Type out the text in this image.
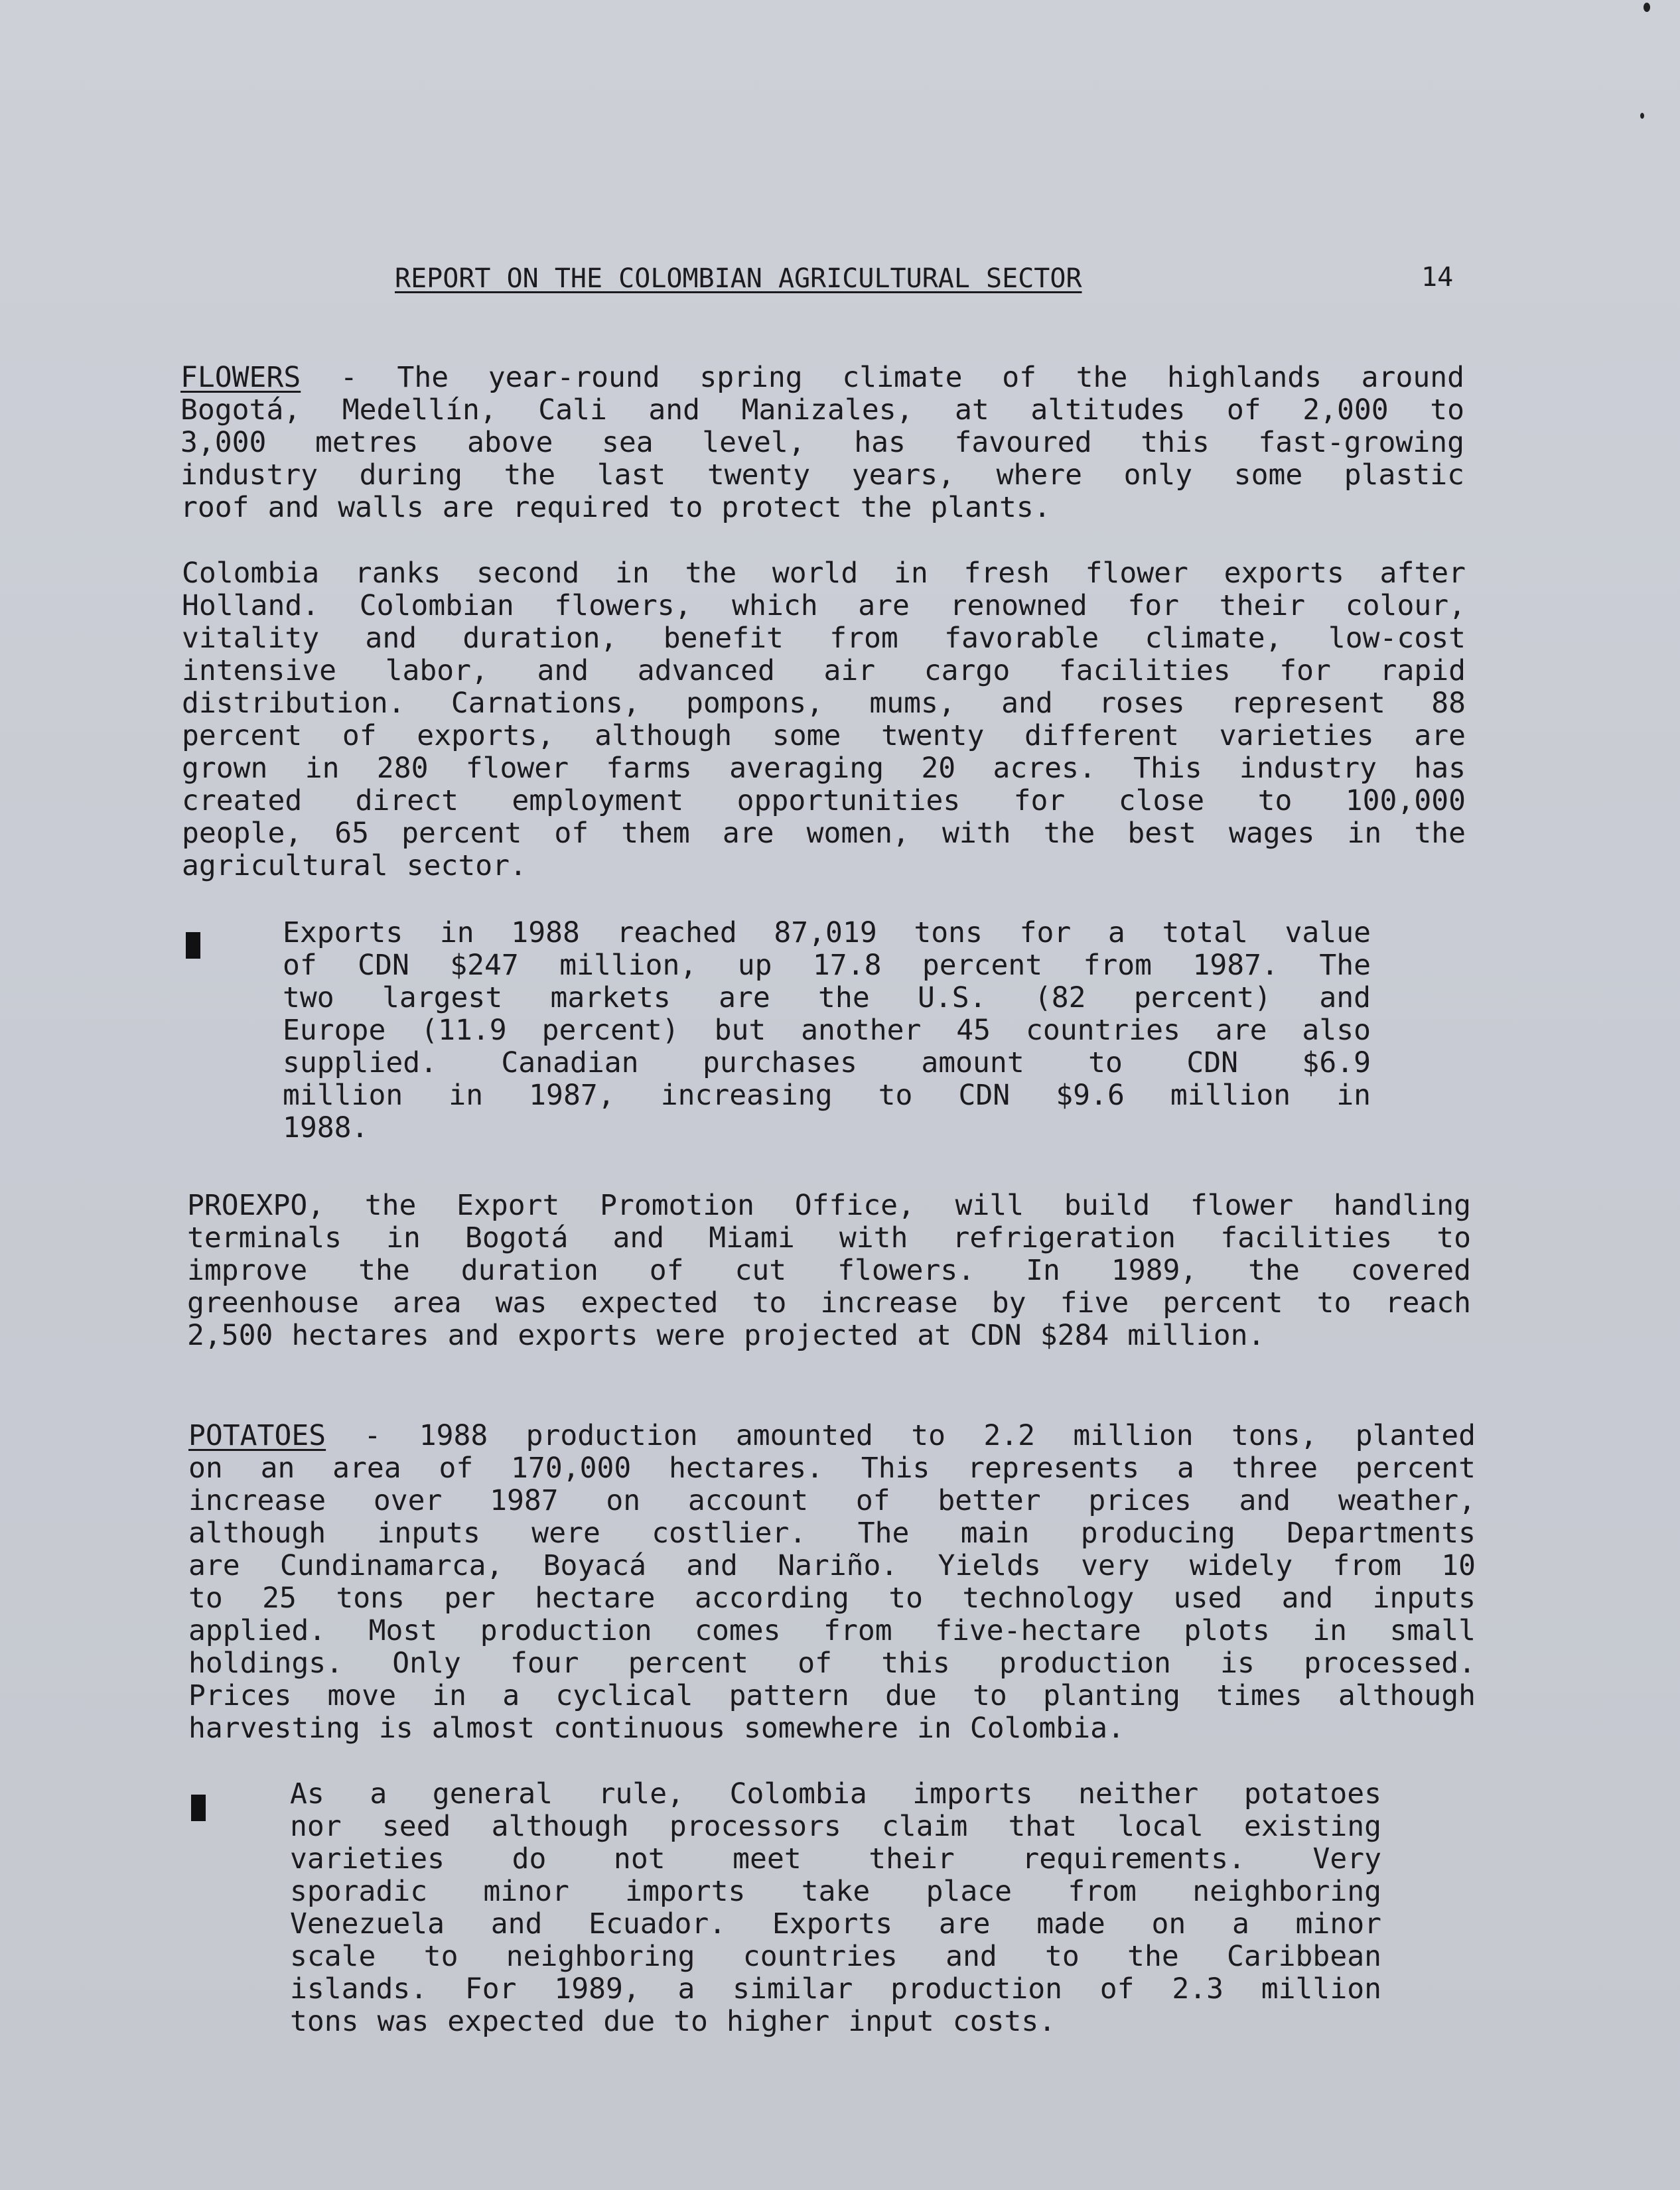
REPORT ON THE COLOMBIAN AGRICULTURAL SECTOR	14
FLOWERS - The year-round spring climate of the highlands around
Bogotá, Medellín, Cali and Manizales, at altitudes of 2,000 to
3,000 metres above sea level, has favoured this fast-growing
industry during the last twenty years, where only some plastic
roof and walls are required to protect the plants.
Colombia ranks second in the world in fresh flower exports after
Holland. Colombian flowers, which are renowned for their colour,
vitality and duration, benefit from favorable climate, low-cost
intensive labor, and advanced air cargo facilities for rapid
distribution. Carnations, pompons, mums, and roses represent 88
percent of exports, although some twenty different varieties are
grown in 280 flower farms averaging 20 acres. This industry has
created direct employment opportunities for close to 100,000
people, 65 percent of them are women, with the best wages in the
agricultural sector.
Exports in 1988 reached 87,019 tons for a total value
of CDN $247 million, up 17.8 percent from 1987. The
two largest markets are the U.S. (82 percent) and
Europe (11.9 percent) but another 45 countries are also
supplied. Canadian purchases amount to CDN $6.9
million in 1987, increasing to CDN $9.6 million in
1988.
PROEXPO, the Export Promotion Office, will build flower handling
terminals in Bogotá and Miami with refrigeration facilities to
improve the duration of cut flowers. In 1989, the covered
greenhouse area was expected to increase by five percent to reach
2,500 hectares and exports were projected at CDN $284 million.
POTATOES - 1988 production amounted to 2.2 million tons, planted
on an area of 170,000 hectares. This represents a three percent
increase over 1987 on account of better prices and weather,
although inputs were costlier. The main producing Departments
are Cundinamarca, Boyacá and Nariño. Yields very widely from 10
to 25 tons per hectare according to technology used and inputs
applied. Most production comes from five-hectare plots in small
holdings. Only four percent of this production is processed.
Prices move in a cyclical pattern due to planting times although
harvesting is almost continuous somewhere in Colombia.
As a general rule, Colombia imports neither potatoes
nor seed although processors claim that local existing
varieties do not meet their requirements. Very
sporadic minor imports take place from neighboring
Venezuela and Ecuador. Exports are made on a minor
scale to neighboring countries and to the Caribbean
islands. For 1989, a similar production of 2.3 million
tons was expected due to higher input costs.
